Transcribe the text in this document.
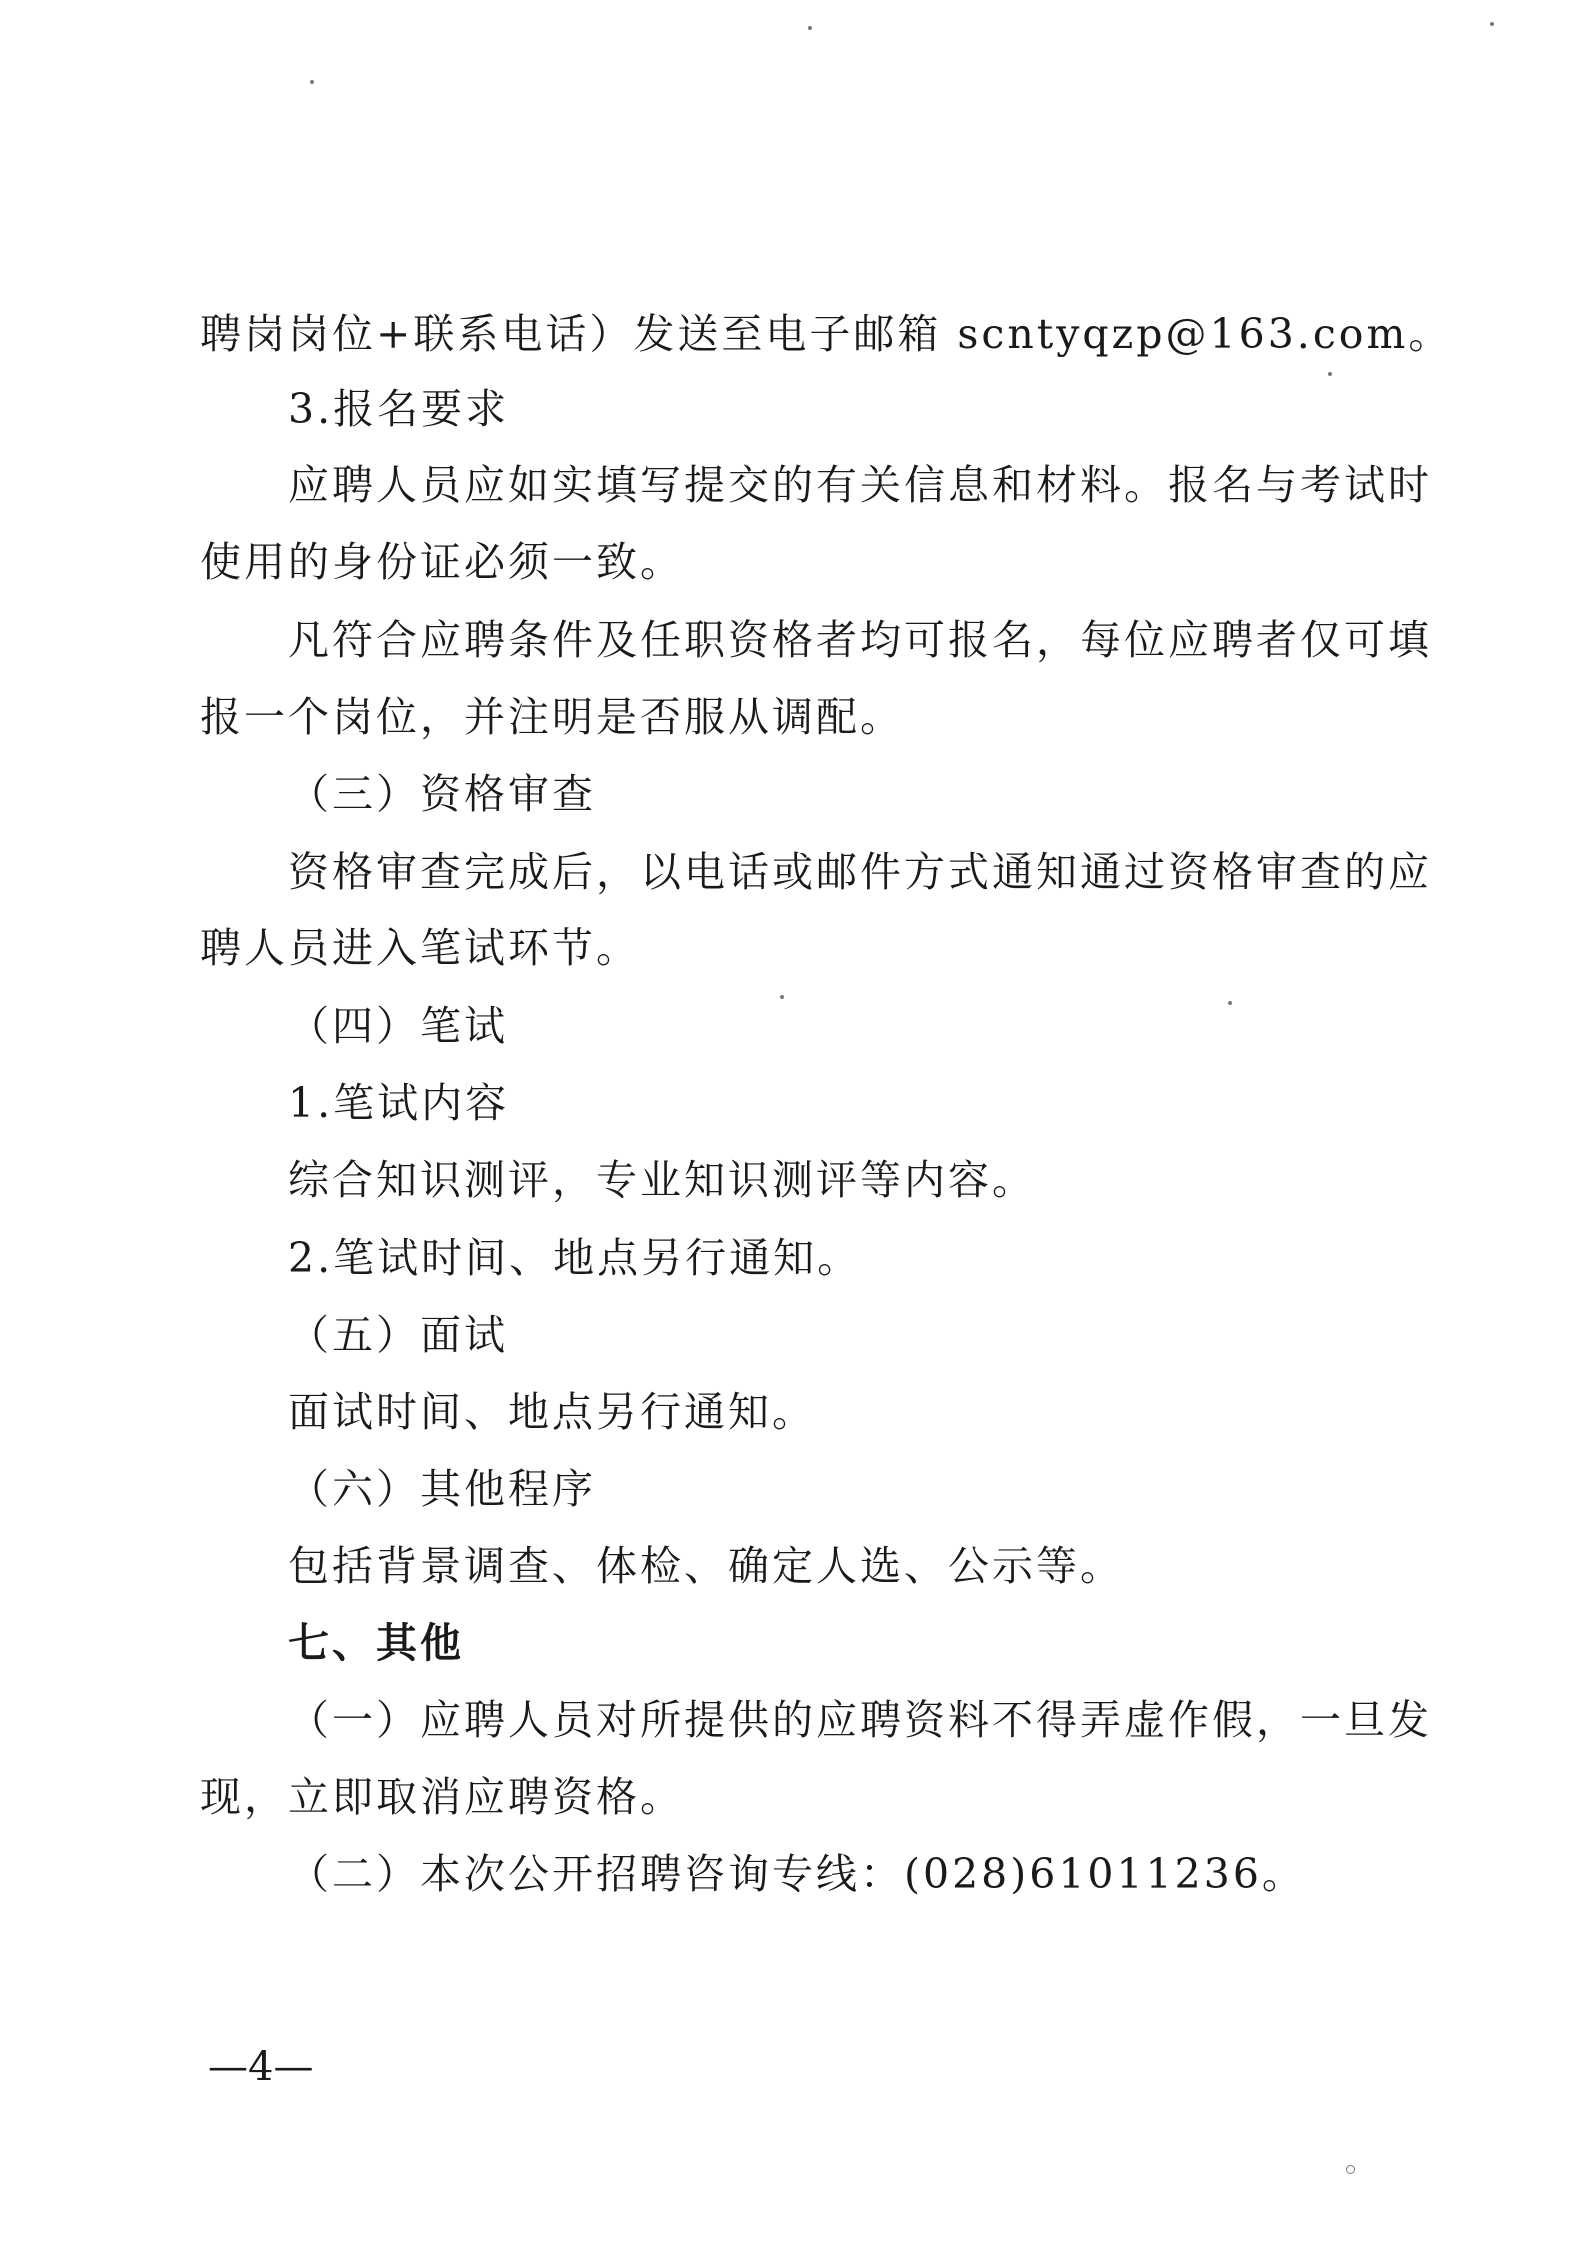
聘岗岗位+联系电话）发送至电子邮箱 scntyqzp@163.com。
3.报名要求
应聘人员应如实填写提交的有关信息和材料。报名与考试时
使用的身份证必须一致。
凡符合应聘条件及任职资格者均可报名，每位应聘者仅可填
报一个岗位，并注明是否服从调配。
（三）资格审查
资格审查完成后，以电话或邮件方式通知通过资格审查的应
聘人员进入笔试环节。
（四）笔试
1.笔试内容
综合知识测评，专业知识测评等内容。
2.笔试时间、地点另行通知。
（五）面试
面试时间、地点另行通知。
（六）其他程序
包括背景调查、体检、确定人选、公示等。
七、其他
（一）应聘人员对所提供的应聘资料不得弄虚作假，一旦发
现，立即取消应聘资格。
（二）本次公开招聘咨询专线：(028)61011236。
—4—
